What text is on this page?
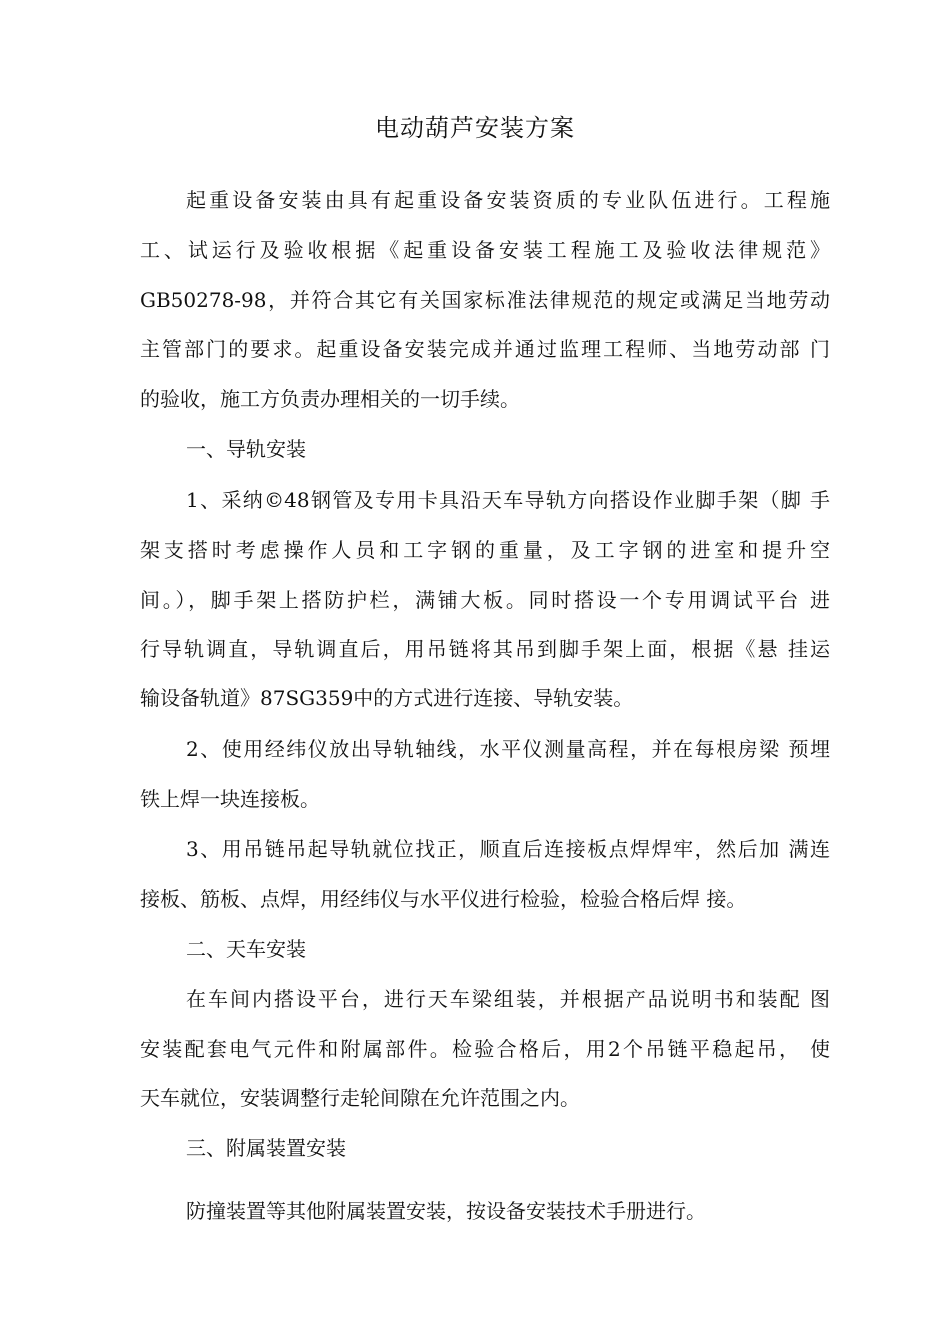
电动葫芦安装方案

起重设备安装由具有起重设备安装资质的专业队伍进行。工程施

工、试运行及验收根据《起重设备安装工程施工及验收法律规范》

GB50278-98，并符合其它有关国家标准法律规范的规定或满足当地劳动

主管部门的要求。起重设备安装完成并通过监理工程师、当地劳动部 门

的验收，施工方负责办理相关的一切手续。

一、导轨安装

1、采纳©48钢管及专用卡具沿天车导轨方向搭设作业脚手架（脚 手

架支搭时考虑操作人员和工字钢的重量，及工字钢的进室和提升空

间。），脚手架上搭防护栏，满铺大板。同时搭设一个专用调试平台 进

行导轨调直，导轨调直后，用吊链将其吊到脚手架上面，根据《悬 挂运

输设备轨道》87SG359中的方式进行连接、导轨安装。

2、使用经纬仪放出导轨轴线，水平仪测量高程，并在每根房梁 预埋

铁上焊一块连接板。

3、用吊链吊起导轨就位找正，顺直后连接板点焊焊牢，然后加 满连

接板、筋板、点焊，用经纬仪与水平仪进行检验，检验合格后焊 接。

二、天车安装

在车间内搭设平台，进行天车梁组装，并根据产品说明书和装配 图

安装配套电气元件和附属部件。检验合格后，用2个吊链平稳起吊， 使

天车就位，安装调整行走轮间隙在允许范围之内。

三、附属装置安装

防撞装置等其他附属装置安装，按设备安装技术手册进行。
